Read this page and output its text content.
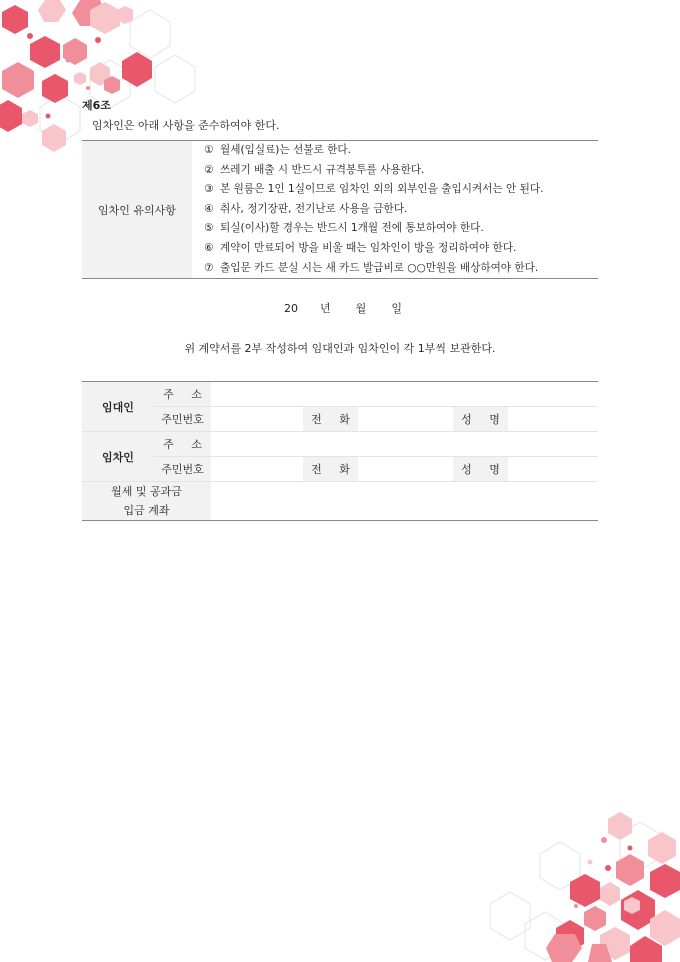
제6조
임차인은 아래 사항을 준수하여야 한다.
임차인 유의사항	
① 월세(입실료)는 선불로 한다.
② 쓰레기 배출 시 반드시 규격봉투를 사용한다.
③ 본 원룸은 1인 1실이므로 임차인 외의 외부인을 출입시켜서는 안 된다.
④ 취사, 정기장판, 전기난로 사용을 금한다.
⑤ 퇴실(이사)할 경우는 반드시 1개월 전에 통보하여야 한다.
⑥ 계약이 만료되어 방을 비울 때는 임차인이 방을 정리하여야 한다.
⑦ 출입문 카드 분실 시는 새 카드 발급비로 ○○만원을 배상하여야 한다.
20 년 월 일
위 계약서를 2부 작성하여 임대인과 임차인이 각 1부씩 보관한다.
임대인	주 소					
	주민번호		전 화		성 명	
임차인	주 소					
	주민번호		전 화		성 명	

월세 및 공과금
입금 계좌						
